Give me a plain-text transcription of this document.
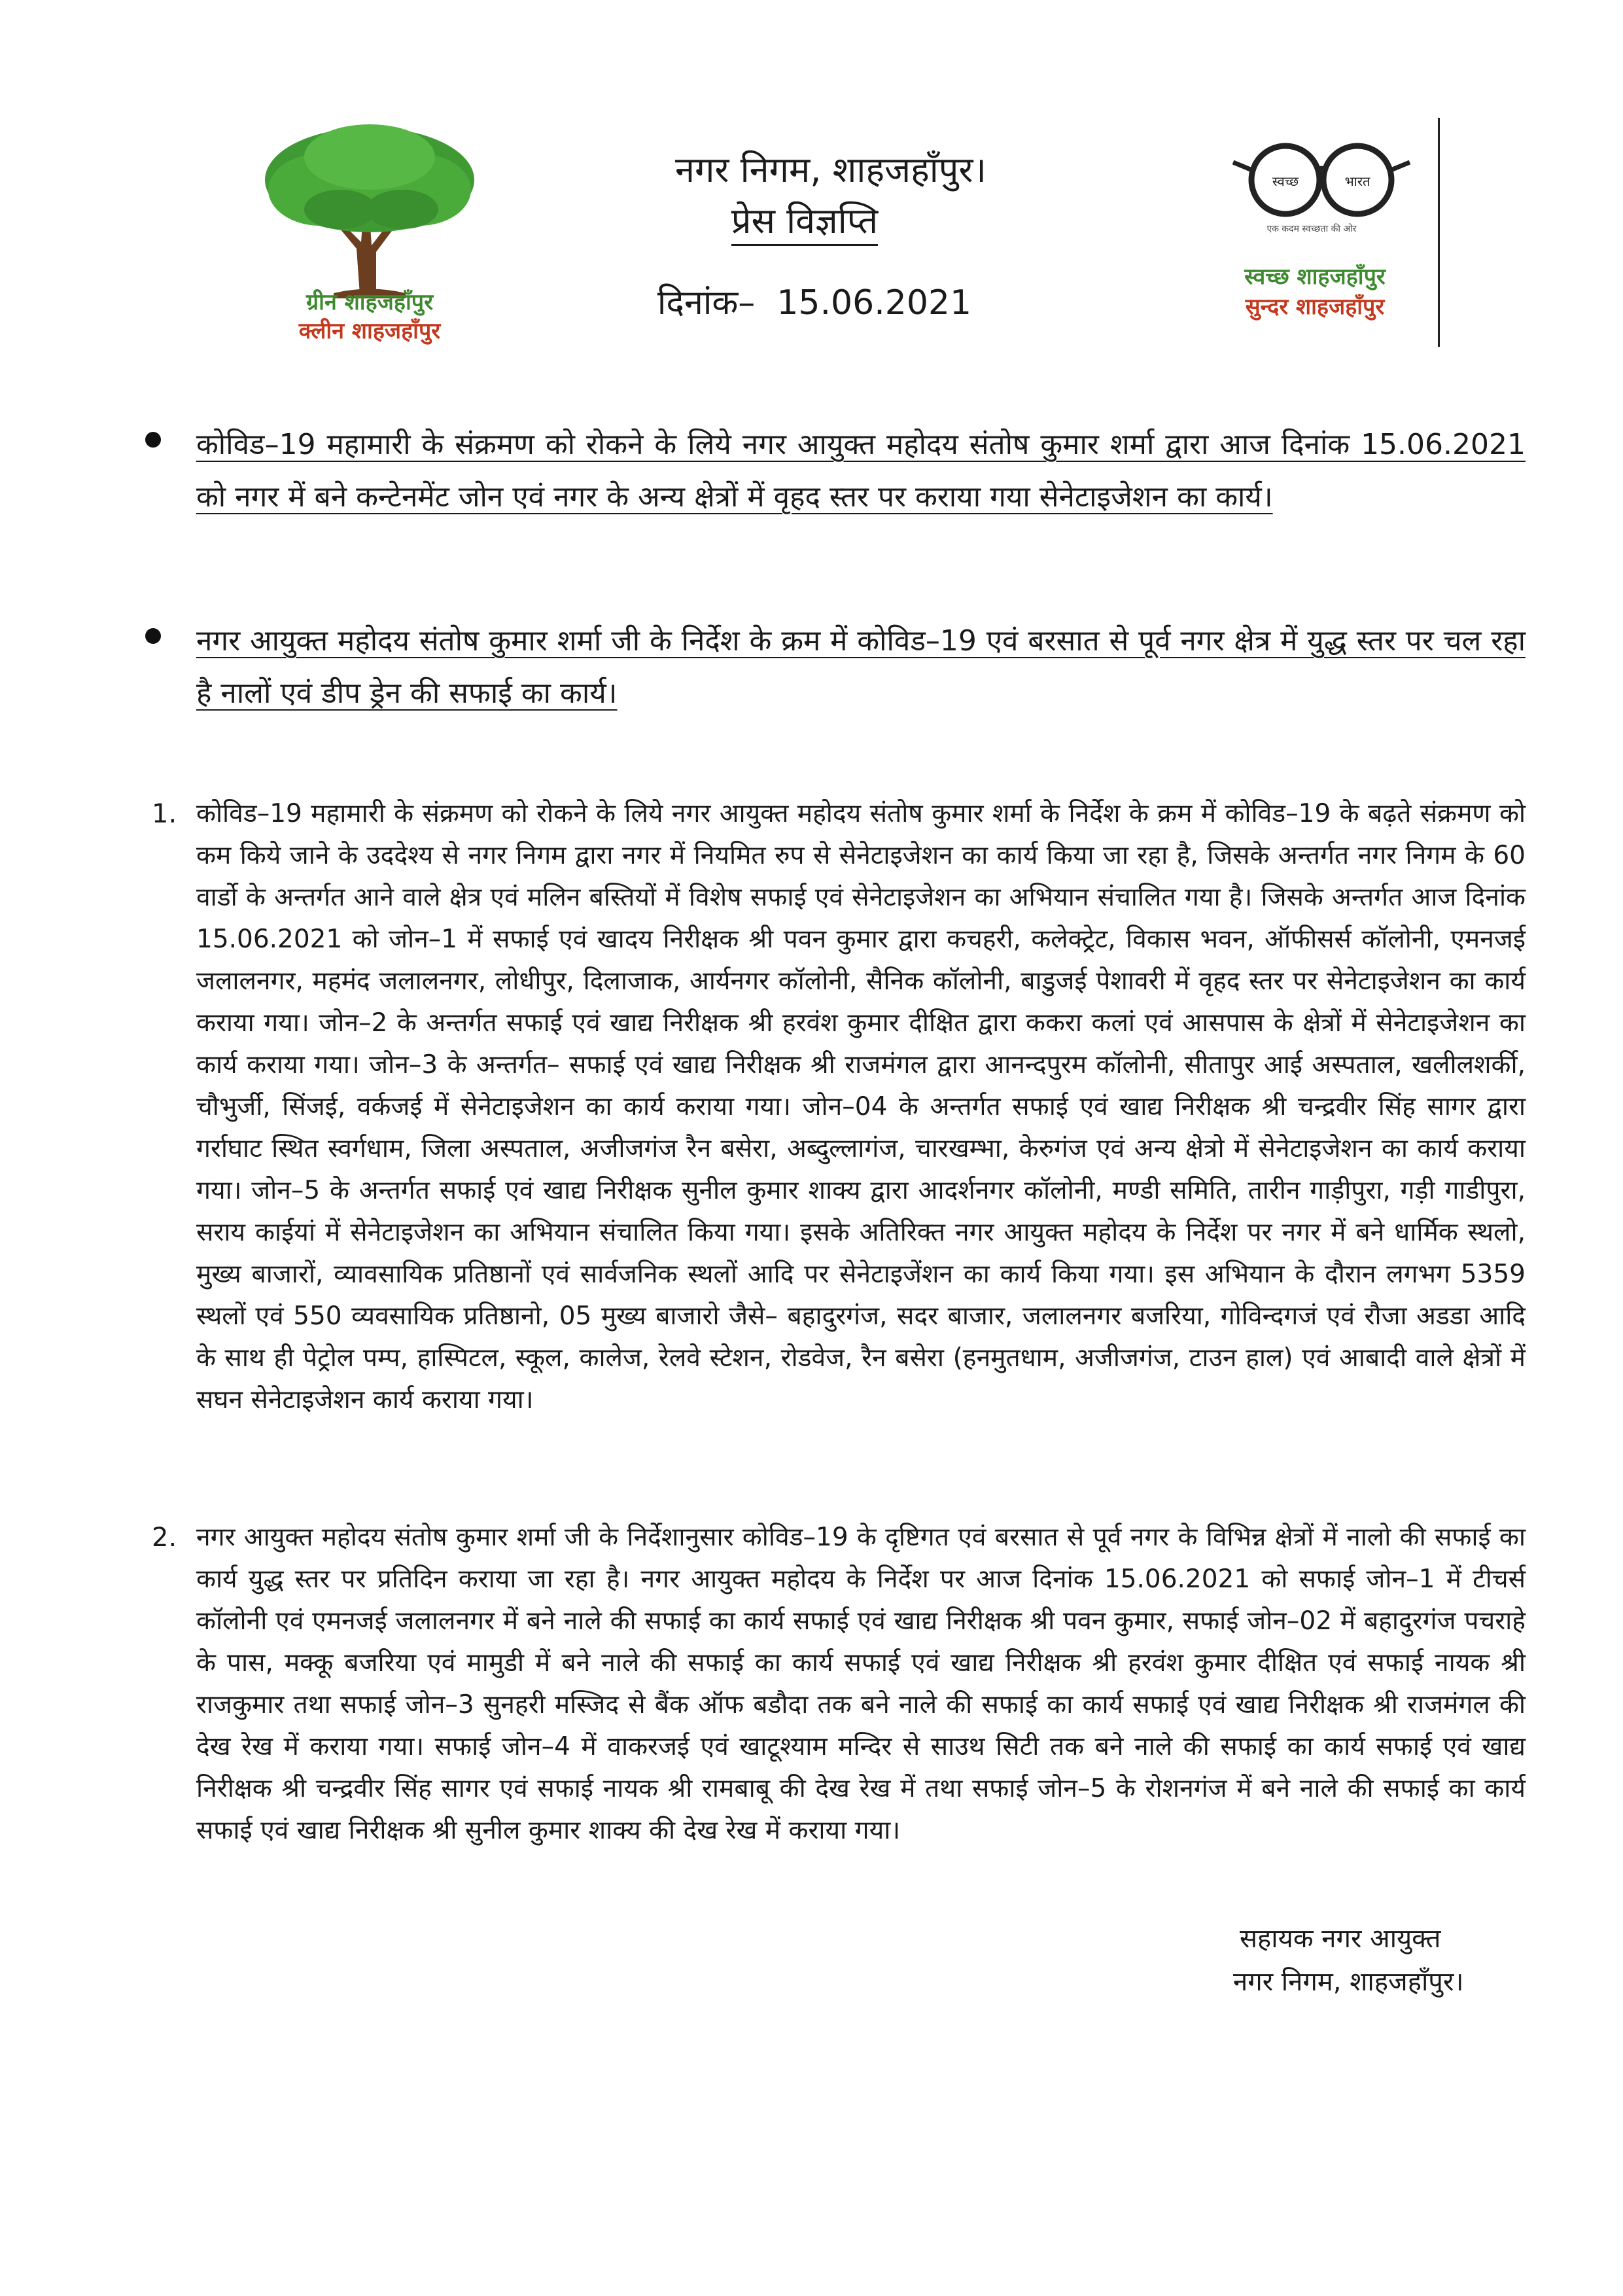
ग्रीन शाहजहाँपुर
क्लीन शाहजहाँपुर
नगर निगम, शाहजहाँपुर।
प्रेस विज्ञप्ति
दिनांक– 15.06.2021
स्वच्छ	भारत
एक कदम स्वच्छता की ओर
स्वच्छ शाहजहाँपुर
सुन्दर शाहजहाँपुर
कोविड–19 महामारी के संक्रमण को रोकने के लिये नगर आयुक्त महोदय संतोष कुमार शर्मा द्वारा आज दिनांक 15.06.2021 को नगर में बने कन्टेनमेंट जोन एवं नगर के अन्य क्षेत्रों में वृहद स्तर पर कराया गया सेनेटाइजेशन का कार्य।
नगर आयुक्त महोदय संतोष कुमार शर्मा जी के निर्देश के क्रम में कोविड–19 एवं बरसात से पूर्व नगर क्षेत्र में युद्ध स्तर पर चल रहा है नालों एवं डीप ड्रेन की सफाई का कार्य।
1. कोविड–19 महामारी के संक्रमण को रोकने के लिये नगर आयुक्त महोदय संतोष कुमार शर्मा के निर्देश के क्रम में कोविड–19 के बढ़ते संक्रमण को कम किये जाने के उददेश्य से नगर निगम द्वारा नगर में नियमित रुप से सेनेटाइजेशन का कार्य किया जा रहा है, जिसके अन्तर्गत नगर निगम के 60 वार्डो के अन्तर्गत आने वाले क्षेत्र एवं मलिन बस्तियों में विशेष सफाई एवं सेनेटाइजेशन का अभियान संचालित गया है। जिसके अन्तर्गत आज दिनांक 15.06.2021 को जोन–1 में सफाई एवं खादय निरीक्षक श्री पवन कुमार द्वारा कचहरी, कलेक्ट्रेट, विकास भवन, ऑफीसर्स कॉलोनी, एमनजई जलालनगर, महमंद जलालनगर, लोधीपुर, दिलाजाक, आर्यनगर कॉलोनी, सैनिक कॉलोनी, बाडुजई पेशावरी में वृहद स्तर पर सेनेटाइजेशन का कार्य कराया गया। जोन–2 के अन्तर्गत सफाई एवं खाद्य निरीक्षक श्री हरवंश कुमार दीक्षित द्वारा ककरा कलां एवं आसपास के क्षेत्रों में सेनेटाइजेशन का कार्य कराया गया। जोन–3 के अन्तर्गत– सफाई एवं खाद्य निरीक्षक श्री राजमंगल द्वारा आनन्दपुरम कॉलोनी, सीतापुर आई अस्पताल, खलीलशर्की, चौभुर्जी, सिंजई, वर्कजई में सेनेटाइजेशन का कार्य कराया गया। जोन–04 के अन्तर्गत सफाई एवं खाद्य निरीक्षक श्री चन्द्रवीर सिंह सागर द्वारा गर्राघाट स्थित स्वर्गधाम, जिला अस्पताल, अजीजगंज रैन बसेरा, अब्दुल्लागंज, चारखम्भा, केरुगंज एवं अन्य क्षेत्रो में सेनेटाइजेशन का कार्य कराया गया। जोन–5 के अन्तर्गत सफाई एवं खाद्य निरीक्षक सुनील कुमार शाक्य द्वारा आदर्शनगर कॉलोनी, मण्डी समिति, तारीन गाड़ीपुरा, गड़ी गाडीपुरा, सराय काईयां में सेनेटाइजेशन का अभियान संचालित किया गया। इसके अतिरिक्त नगर आयुक्त महोदय के निर्देश पर नगर में बने धार्मिक स्थलो, मुख्य बाजारों, व्यावसायिक प्रतिष्ठानों एवं सार्वजनिक स्थलों आदि पर सेनेटाइजेंशन का कार्य किया गया। इस अभियान के दौरान लगभग 5359 स्थलों एवं 550 व्यवसायिक प्रतिष्ठानो, 05 मुख्य बाजारो जैसे– बहादुरगंज, सदर बाजार, जलालनगर बजरिया, गोविन्दगजं एवं रौजा अडडा आदि के साथ ही पेट्रोल पम्प, हास्पिटल, स्कूल, कालेज, रेलवे स्टेशन, रोडवेज, रैन बसेरा (हनमुतधाम, अजीजगंज, टाउन हाल) एवं आबादी वाले क्षेत्रों में सघन सेनेटाइजेशन कार्य कराया गया।
2. नगर आयुक्त महोदय संतोष कुमार शर्मा जी के निर्देशानुसार कोविड–19 के दृष्टिगत एवं बरसात से पूर्व नगर के विभिन्न क्षेत्रों में नालो की सफाई का कार्य युद्ध स्तर पर प्रतिदिन कराया जा रहा है। नगर आयुक्त महोदय के निर्देश पर आज दिनांक 15.06.2021 को सफाई जोन–1 में टीचर्स कॉलोनी एवं एमनजई जलालनगर में बने नाले की सफाई का कार्य सफाई एवं खाद्य निरीक्षक श्री पवन कुमार, सफाई जोन–02 में बहादुरगंज पचराहे के पास, मक्कू बजरिया एवं मामुडी में बने नाले की सफाई का कार्य सफाई एवं खाद्य निरीक्षक श्री हरवंश कुमार दीक्षित एवं सफाई नायक श्री राजकुमार तथा सफाई जोन–3 सुनहरी मस्जिद से बैंक ऑफ बडौदा तक बने नाले की सफाई का कार्य सफाई एवं खाद्य निरीक्षक श्री राजमंगल की देख रेख में कराया गया। सफाई जोन–4 में वाकरजई एवं खाटूश्याम मन्दिर से साउथ सिटी तक बने नाले की सफाई का कार्य सफाई एवं खाद्य निरीक्षक श्री चन्द्रवीर सिंह सागर एवं सफाई नायक श्री रामबाबू की देख रेख में तथा सफाई जोन–5 के रोशनगंज में बने नाले की सफाई का कार्य सफाई एवं खाद्य निरीक्षक श्री सुनील कुमार शाक्य की देख रेख में कराया गया।
सहायक नगर आयुक्त
नगर निगम, शाहजहाँपुर।
